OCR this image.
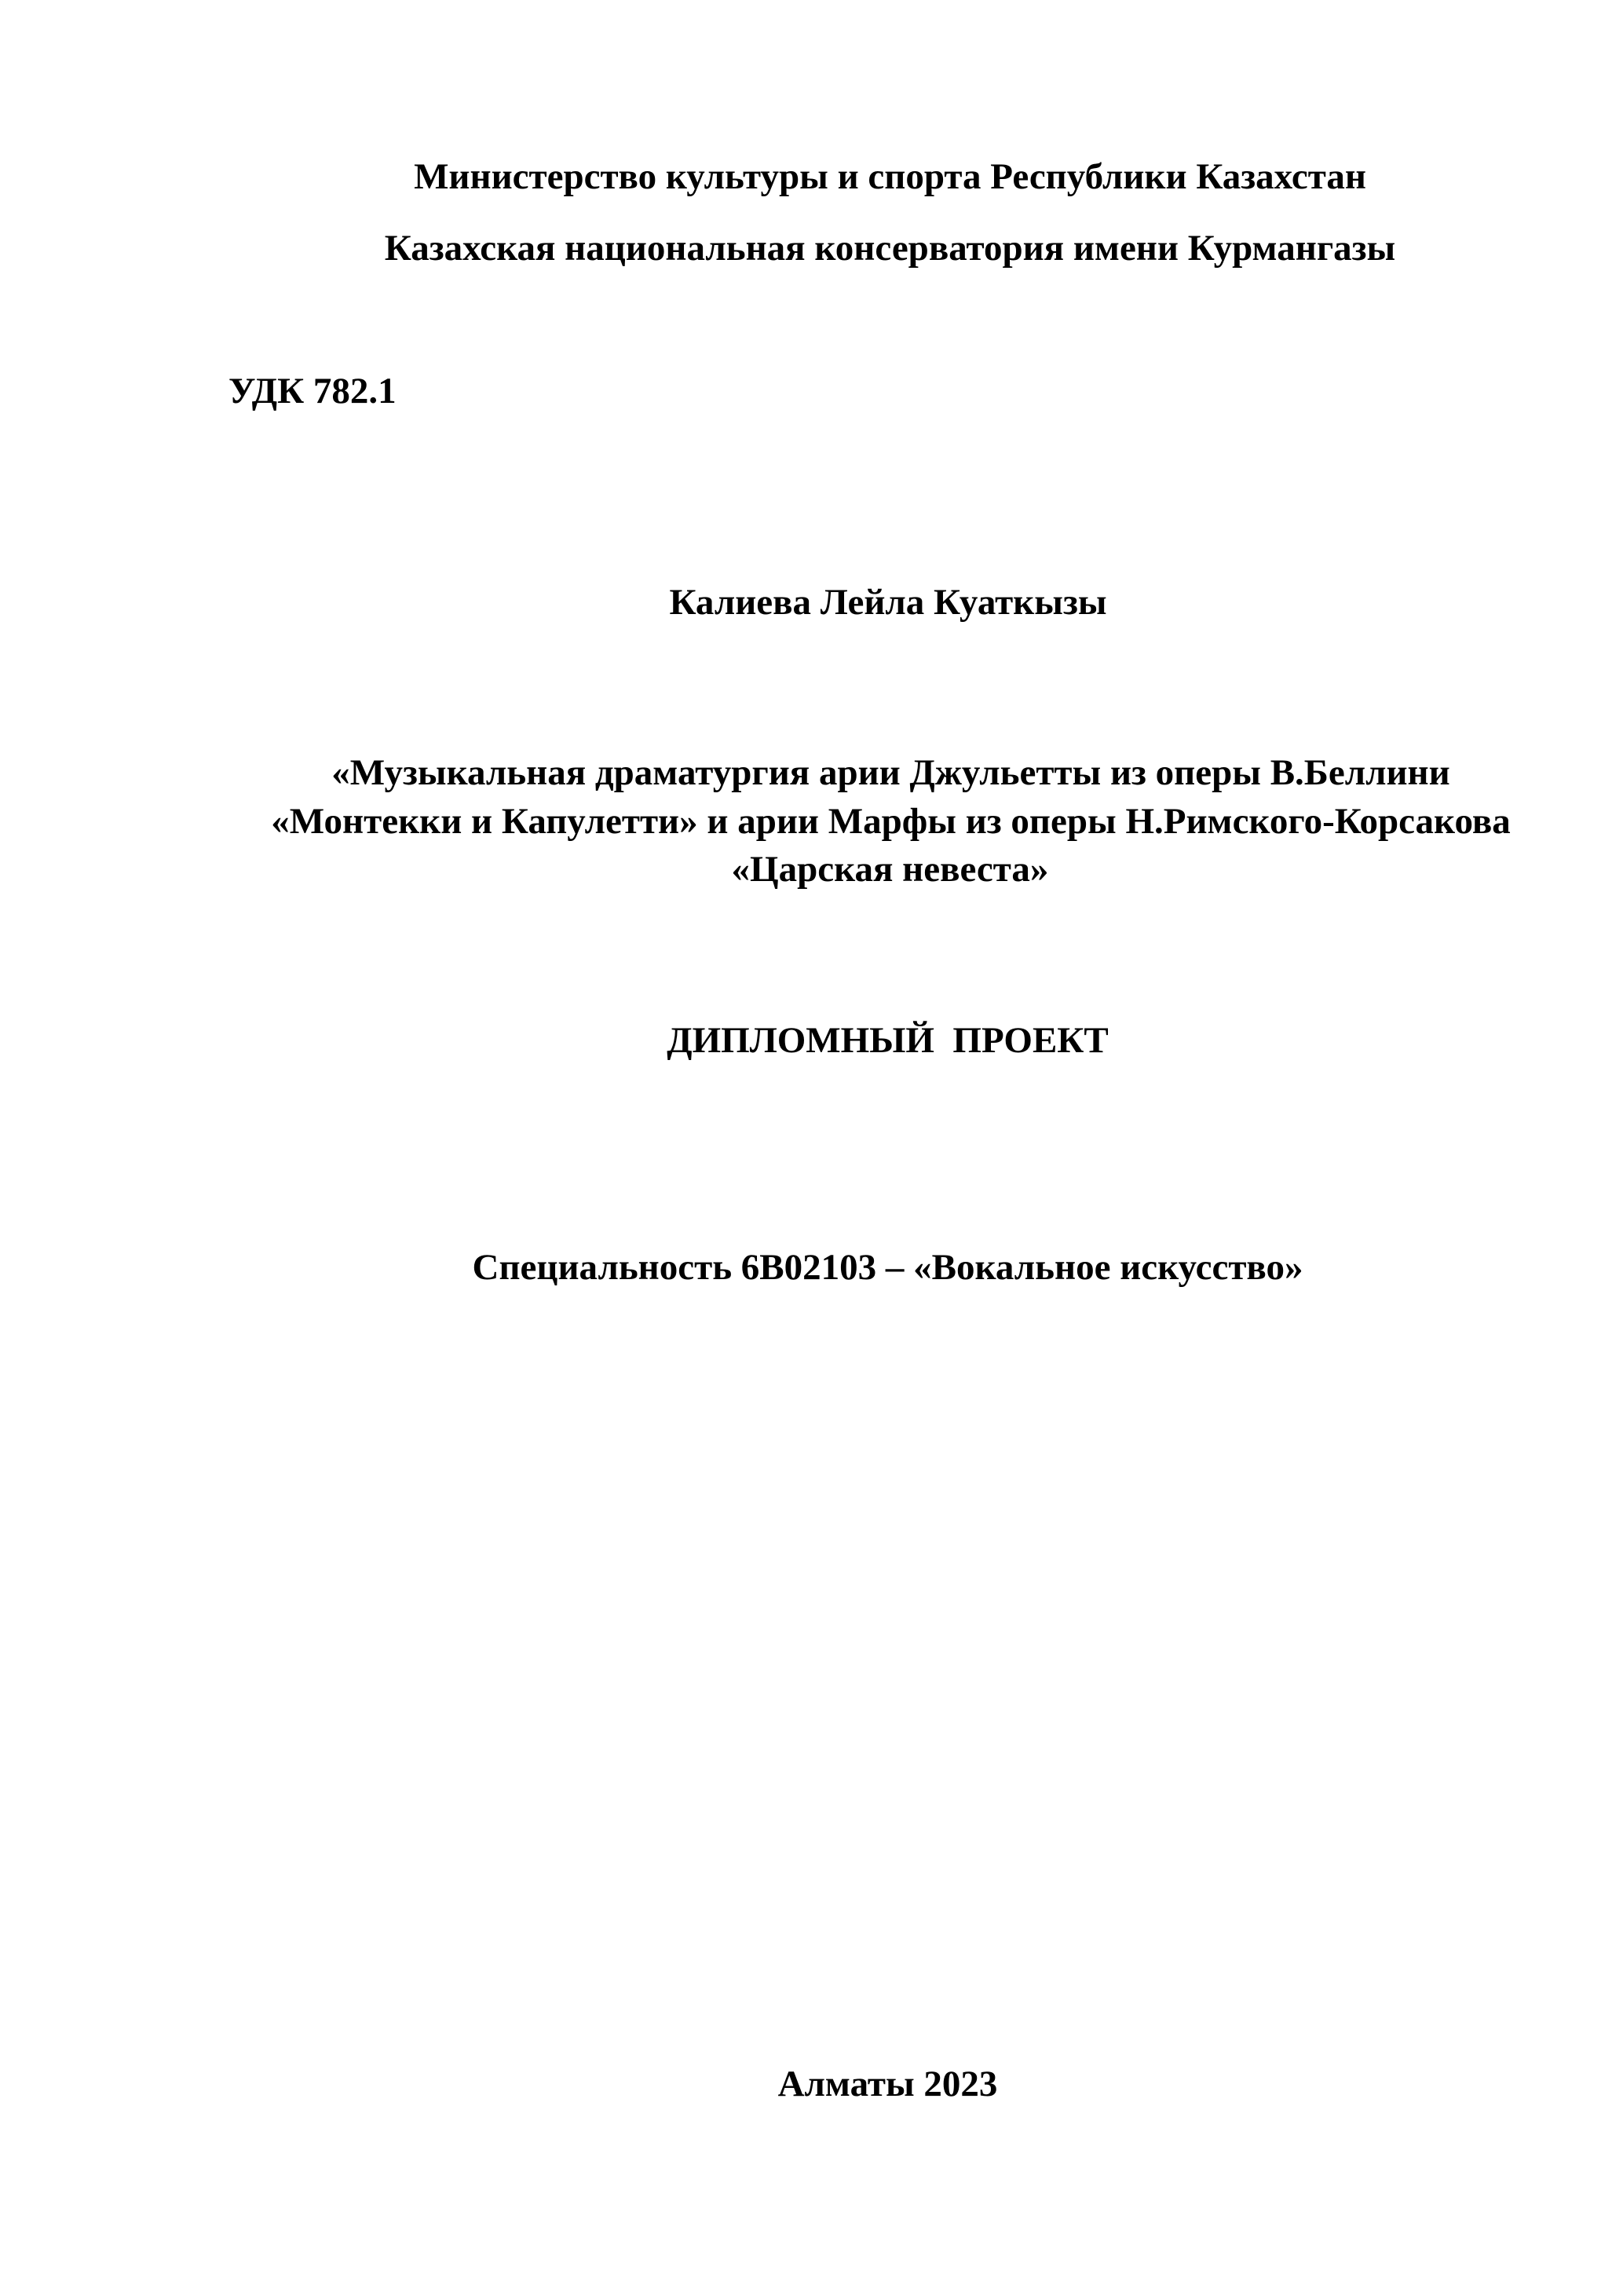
Министерство культуры и спорта Республики Казахстан
Казахская национальная консерватория имени Курмангазы
УДК 782.1
Калиева Лейла Куаткызы
«Музыкальная драматургия арии Джульетты из оперы В.Беллини
«Монтекки и Капулетти» и арии Марфы из оперы Н.Римского-Корсакова
«Царская невеста»
ДИПЛОМНЫЙ  ПРОЕКТ
Специальность 6В02103 – «Вокальное искусство»
Алматы 2023
